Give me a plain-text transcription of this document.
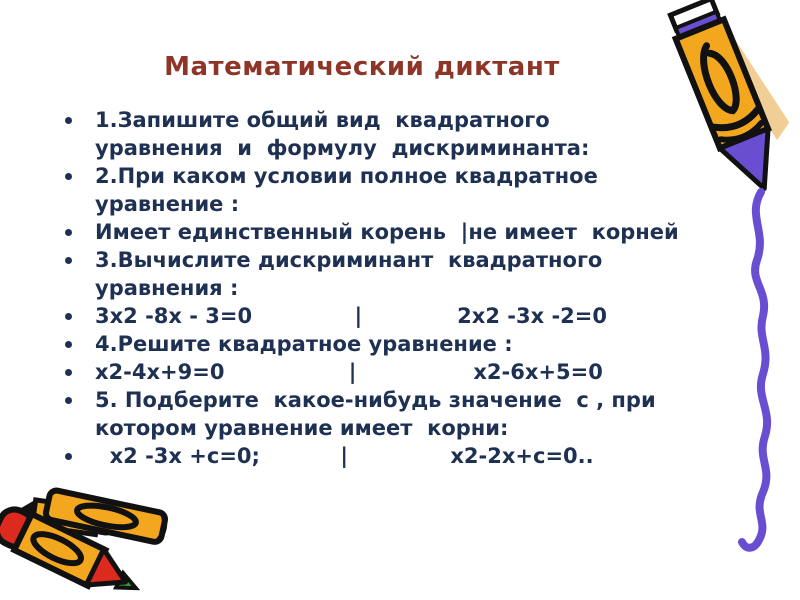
Математический диктант
1.Запишите общий вид  квадратного
уравнения  и  формулу  дискриминанта:
2.При каком условии полное квадратное
уравнение :
Имеет единственный корень  |не имеет  корней
3.Вычислите дискриминант  квадратного
уравнения :
3х2 -8х - 3=0              |             2х2 -3х -2=0
4.Решите квадратное уравнение :
х2-4х+9=0                 |                х2-6х+5=0
5. Подберите  какое-нибудь значение  с , при
котором уравнение имеет  корни:
х2 -3х +с=0;           |              х2-2х+с=0..
